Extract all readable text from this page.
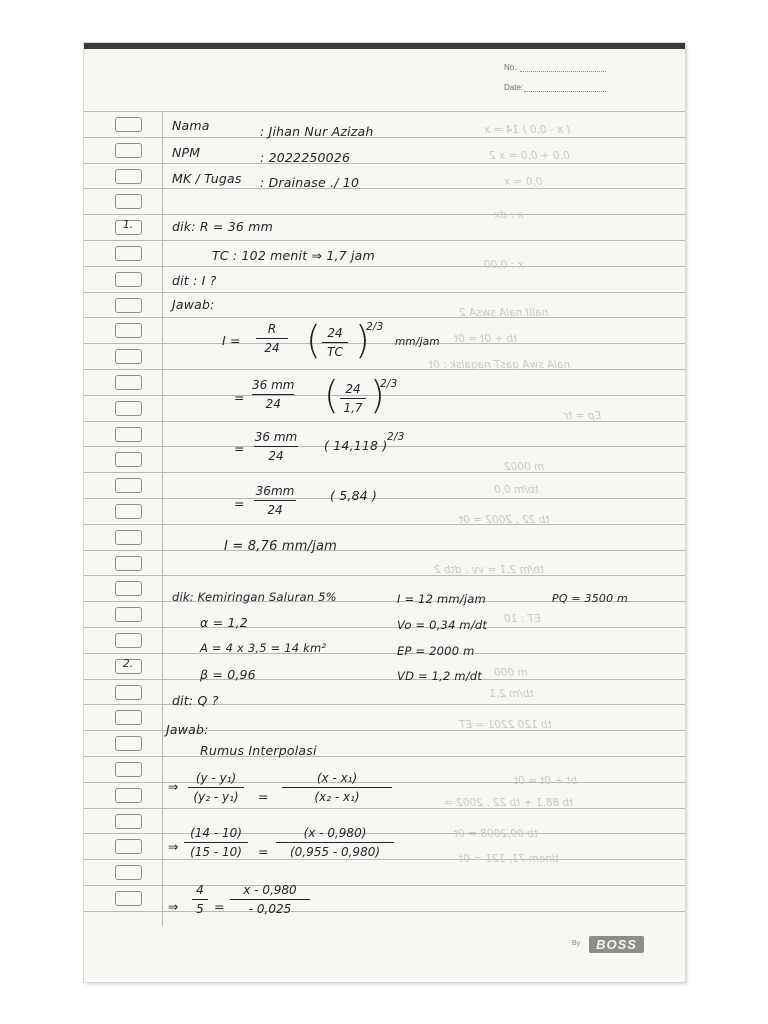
No.
Date:
1.
2.
( x - 0,0 ) 14 = x
0,0 + 0,0 = x 2
0,0 = x
x : dx
x : 0,00
nalif nalA swsA 2
tb + 0t = 0t
nalA swA qasT naqalsk : 0t
Ep = tr
m 0002
tb/m 0,0
tb 22 , 2002 = 0t
tb/m 2,1 = vv : dtb 2
ET : 10
m 000
tb/m 2,1
tb 120 2201 = ET
bt + 0t = 0t
tb 88,1 + tb 22 , 2002 =
tb 00,2008 = 0t
tinem 71, 121 = 0t
Nama	: Jihan Nur Azizah
NPM	: 2022250026
MK / Tugas : Drainase ./ 10
dik: R = 36 mm
TC : 102 menit ⇒ 1,7 jam
dit : I ?
Jawab:
I =
R
24 ( 24
TC )
2/3
mm/jam
=
36 mm
24 ( 24
1,7 )
2/3
=
36 mm
24
( 14,118 )
2/3
=
36mm
24
( 5,84 )
I = 8,76 mm/jam
dik: Kemiringan Saluran 5%
α = 1,2
A = 4 x 3,5 = 14 km²
β = 0,96
dit: Q ?
I = 12 mm/jam	PQ = 3500 m
Vo = 0,34 m/dt
EP = 2000 m
VD = 1,2 m/dt
Jawab:
Rumus Interpolasi
⇒
(y - y₁)
(y₂ - y₁) =
(x - x₁)
(x₂ - x₁)
⇒
(14 - 10)
(15 - 10) =
(x - 0,980)
(0,955 - 0,980)
⇒
4
5 =
x - 0,980
- 0,025
By	BOSS
